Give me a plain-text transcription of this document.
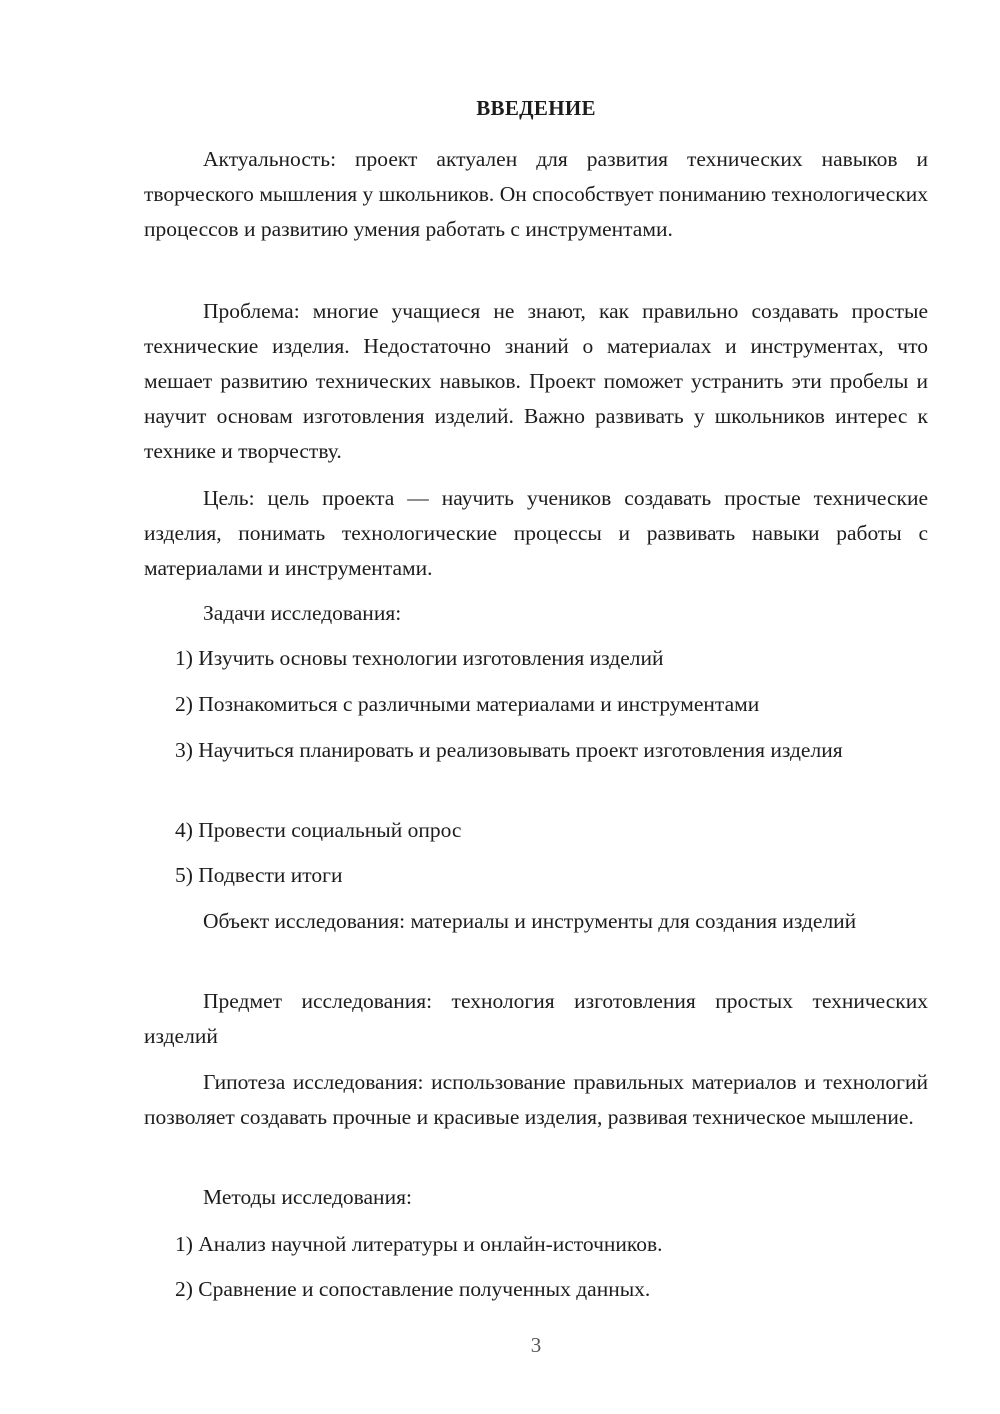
ВВЕДЕНИЕ

Актуальность: проект актуален для развития технических навыков и творческого мышления у школьников. Он способствует пониманию технологических процессов и развитию умения работать с инструментами.

Проблема: многие учащиеся не знают, как правильно создавать простые технические изделия. Недостаточно знаний о материалах и инструментах, что мешает развитию технических навыков. Проект поможет устранить эти пробелы и научит основам изготовления изделий. Важно развивать у школьников интерес к технике и творчеству.

Цель: цель проекта — научить учеников создавать простые технические изделия, понимать технологические процессы и развивать навыки работы с материалами и инструментами.

Задачи исследования:

1) Изучить основы технологии изготовления изделий

2) Познакомиться с различными материалами и инструментами

3) Научиться планировать и реализовывать проект изготовления изделия

4) Провести социальный опрос

5) Подвести итоги

Объект исследования: материалы и инструменты для создания изделий

Предмет исследования: технология изготовления простых технических изделий

Гипотеза исследования: использование правильных материалов и технологий позволяет создавать прочные и красивые изделия, развивая техническое мышление.

Методы исследования:

1) Анализ научной литературы и онлайн-источников.

2) Сравнение и сопоставление полученных данных.

3
